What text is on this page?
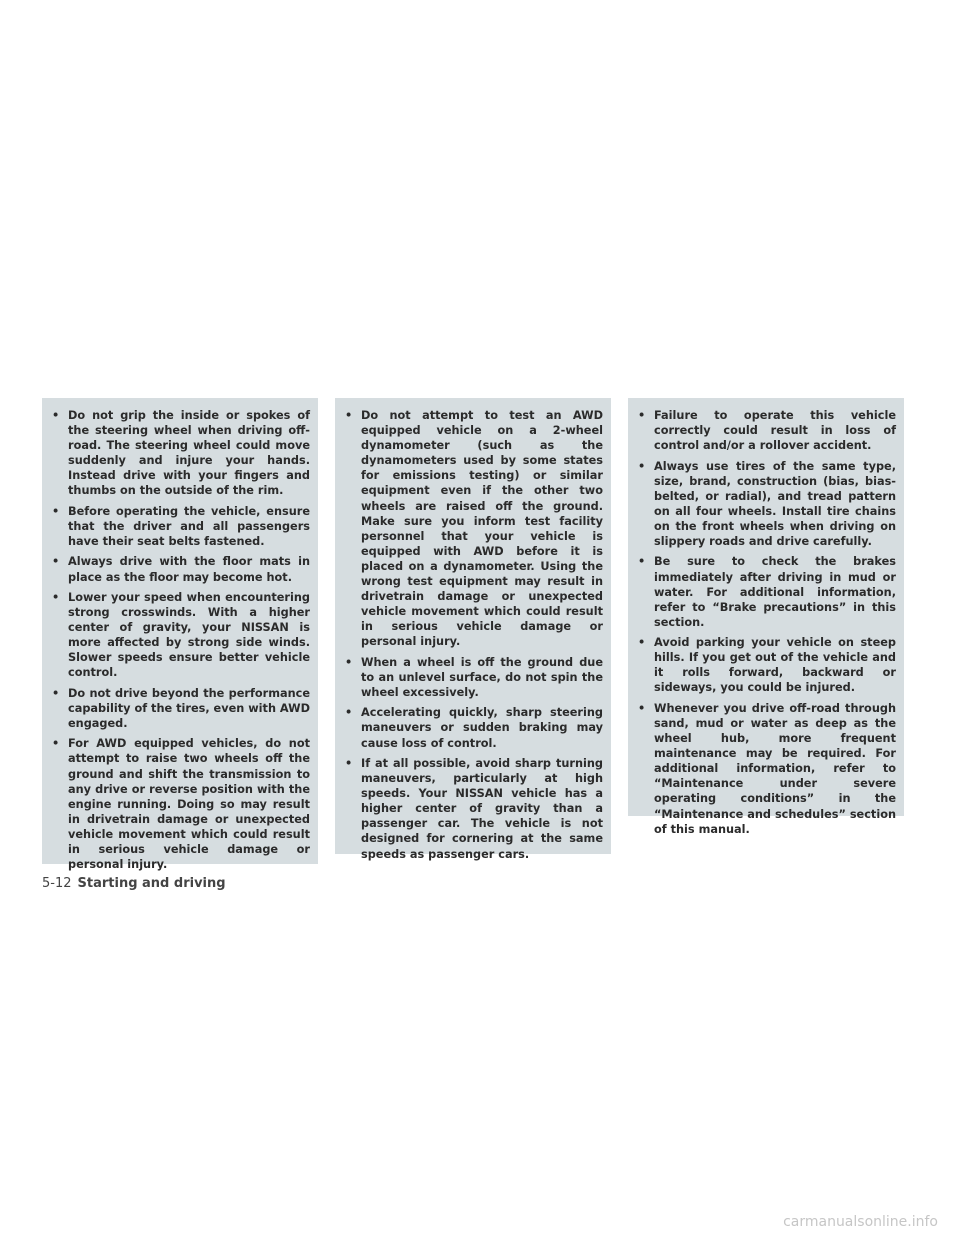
• Do not grip the inside or spokes of the steering wheel when driving off-road. The steering wheel could move suddenly and injure your hands. Instead drive with your fingers and thumbs on the outside of the rim.
• Before operating the vehicle, ensure that the driver and all passengers have their seat belts fastened.
• Always drive with the floor mats in place as the floor may become hot.
• Lower your speed when encountering strong crosswinds. With a higher center of gravity, your NISSAN is more affected by strong side winds. Slower speeds ensure better vehicle control.
• Do not drive beyond the performance capability of the tires, even with AWD engaged.
• For AWD equipped vehicles, do not attempt to raise two wheels off the ground and shift the transmission to any drive or reverse position with the engine running. Doing so may result in drivetrain damage or unexpected vehicle movement which could result in serious vehicle damage or personal injury.
• Do not attempt to test an AWD equipped vehicle on a 2-wheel dynamometer (such as the dynamometers used by some states for emissions testing) or similar equipment even if the other two wheels are raised off the ground. Make sure you inform test facility personnel that your vehicle is equipped with AWD before it is placed on a dynamometer. Using the wrong test equipment may result in drivetrain damage or unexpected vehicle movement which could result in serious vehicle damage or personal injury.
• When a wheel is off the ground due to an unlevel surface, do not spin the wheel excessively.
• Accelerating quickly, sharp steering maneuvers or sudden braking may cause loss of control.
• If at all possible, avoid sharp turning maneuvers, particularly at high speeds. Your NISSAN vehicle has a higher center of gravity than a passenger car. The vehicle is not designed for cornering at the same speeds as passenger cars.
• Failure to operate this vehicle correctly could result in loss of control and/or a rollover accident.
• Always use tires of the same type, size, brand, construction (bias, bias-belted, or radial), and tread pattern on all four wheels. Install tire chains on the front wheels when driving on slippery roads and drive carefully.
• Be sure to check the brakes immediately after driving in mud or water. For additional information, refer to “Brake precautions” in this section.
• Avoid parking your vehicle on steep hills. If you get out of the vehicle and it rolls forward, backward or sideways, you could be injured.
• Whenever you drive off-road through sand, mud or water as deep as the wheel hub, more frequent maintenance may be required. For additional information, refer to “Maintenance under severe operating conditions” in the “Maintenance and schedules” section of this manual.
5-12 Starting and driving
carmanualsonline.info
